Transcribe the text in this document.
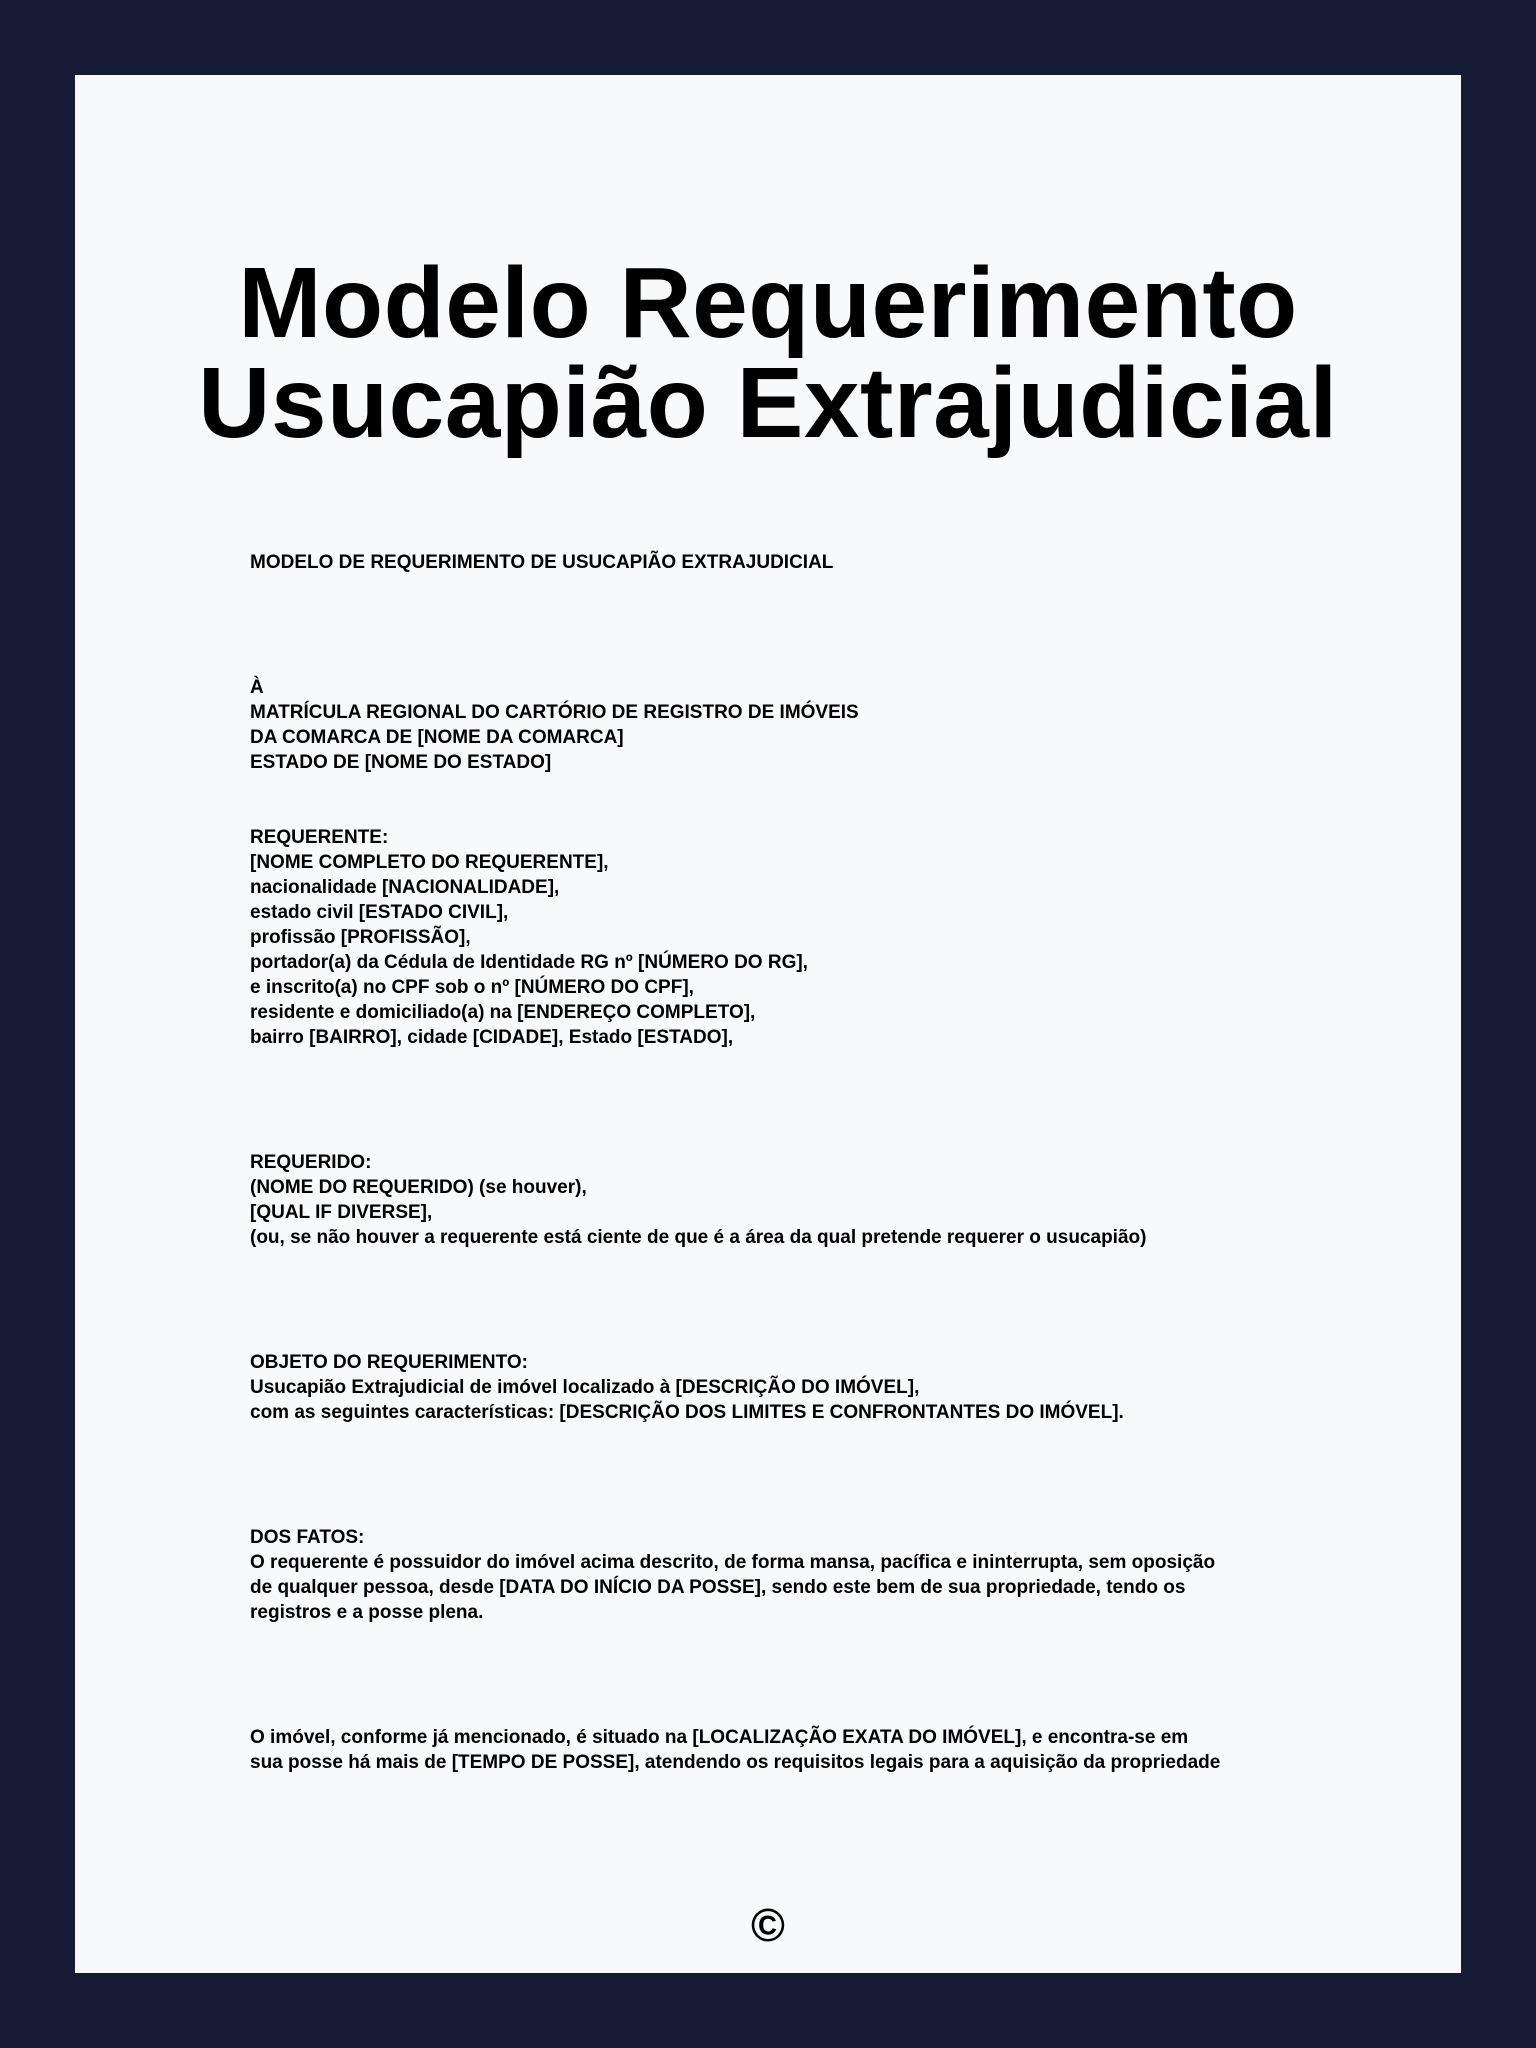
Modelo Requerimento
Usucapião Extrajudicial
MODELO DE REQUERIMENTO DE USUCAPIÃO EXTRAJUDICIAL
À
MATRÍCULA REGIONAL DO CARTÓRIO DE REGISTRO DE IMÓVEIS
DA COMARCA DE [NOME DA COMARCA]
ESTADO DE [NOME DO ESTADO]
REQUERENTE:
[NOME COMPLETO DO REQUERENTE],
nacionalidade [NACIONALIDADE],
estado civil [ESTADO CIVIL],
profissão [PROFISSÃO],
portador(a) da Cédula de Identidade RG nº [NÚMERO DO RG],
e inscrito(a) no CPF sob o nº [NÚMERO DO CPF],
residente e domiciliado(a) na [ENDEREÇO COMPLETO],
bairro [BAIRRO], cidade [CIDADE], Estado [ESTADO],
REQUERIDO:
(NOME DO REQUERIDO) (se houver),
[QUAL IF DIVERSE],
(ou, se não houver a requerente está ciente de que é a área da qual pretende requerer o usucapião)
OBJETO DO REQUERIMENTO:
Usucapião Extrajudicial de imóvel localizado à [DESCRIÇÃO DO IMÓVEL],
com as seguintes características: [DESCRIÇÃO DOS LIMITES E CONFRONTANTES DO IMÓVEL].
DOS FATOS:
O requerente é possuidor do imóvel acima descrito, de forma mansa, pacífica e ininterrupta, sem oposição
de qualquer pessoa, desde [DATA DO INÍCIO DA POSSE], sendo este bem de sua propriedade, tendo os
registros e a posse plena.
O imóvel, conforme já mencionado, é situado na [LOCALIZAÇÃO EXATA DO IMÓVEL], e encontra-se em
sua posse há mais de [TEMPO DE POSSE], atendendo os requisitos legais para a aquisição da propriedade
©
